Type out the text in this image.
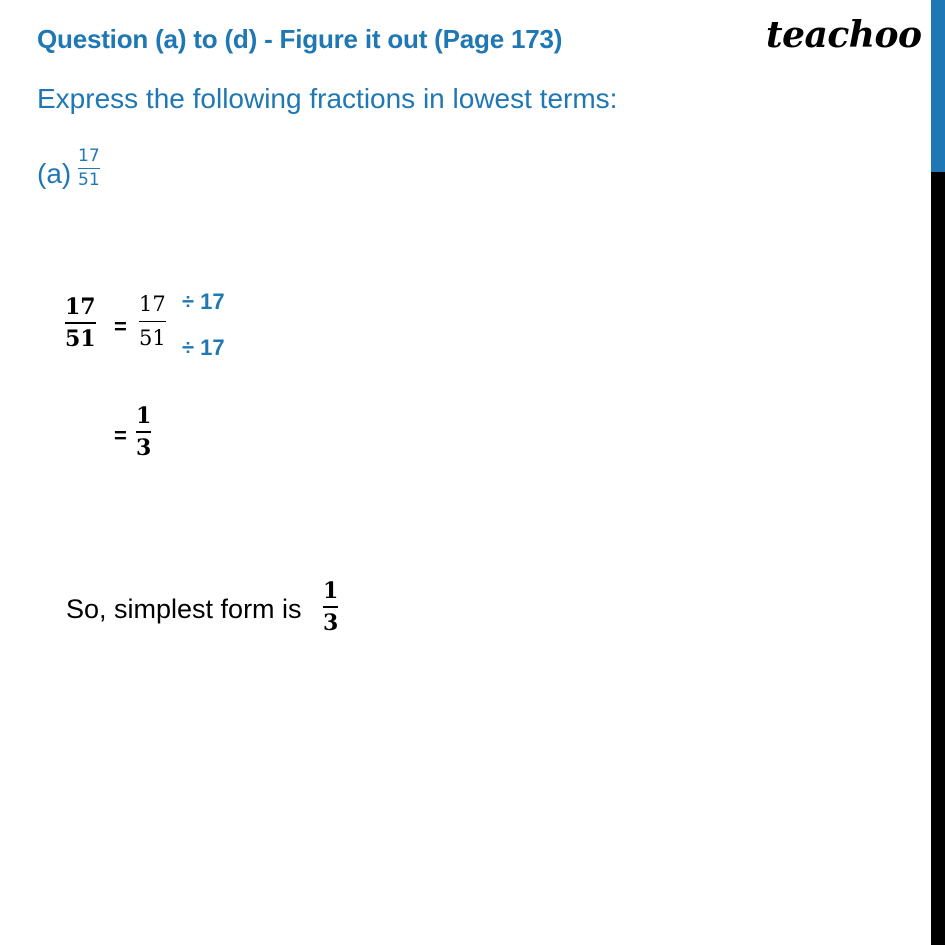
Question (a) to (d) - Figure it out (Page 173)	teachoo
Express the following fractions in lowest terms:
(a)
17
51
17
51 =
17
51
÷ 17
÷ 17
=
1
3
So, simplest form is
1
3
